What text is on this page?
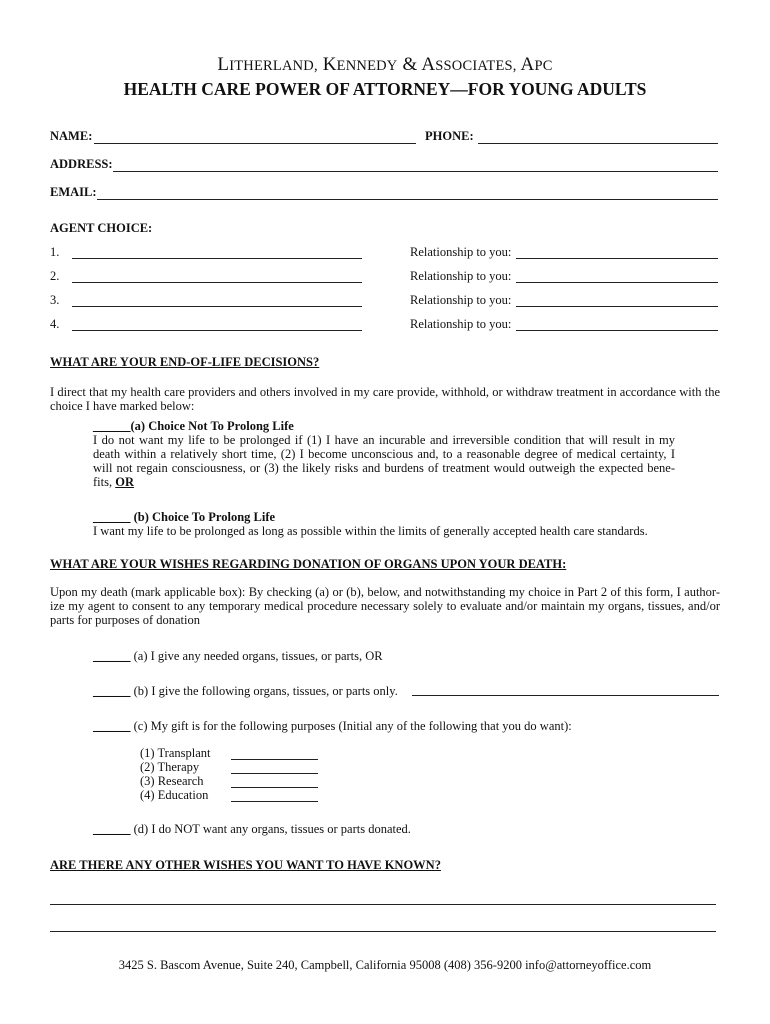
LITHERLAND, KENNEDY & ASSOCIATES, APC
HEALTH CARE POWER OF ATTORNEY—FOR YOUNG ADULTS
NAME:	PHONE:
ADDRESS:
EMAIL:
AGENT CHOICE:
1.	Relationship to you:
2.	Relationship to you:
3.	Relationship to you:
4.	Relationship to you:
WHAT ARE YOUR END-OF-LIFE DECISIONS?
I direct that my health care providers and others involved in my care provide, withhold, or withdraw treatment in accordance with the choice I have marked below:
______(a) Choice Not To Prolong Life
I do not want my life to be prolonged if (1) I have an incurable and irreversible condition that will result in my death within a relatively short time, (2) I become unconscious and, to a reasonable degree of medical certainty, I will not regain consciousness, or (3) the likely risks and burdens of treatment would outweigh the expected bene-fits, OR
______ (b) Choice To Prolong Life
I want my life to be prolonged as long as possible within the limits of generally accepted health care standards.
WHAT ARE YOUR WISHES REGARDING DONATION OF ORGANS UPON YOUR DEATH:
Upon my death (mark applicable box): By checking (a) or (b), below, and notwithstanding my choice in Part 2 of this form, I author-ize my agent to consent to any temporary medical procedure necessary solely to evaluate and/or maintain my organs, tissues, and/or parts for purposes of donation
______ (a) I give any needed organs, tissues, or parts, OR
______ (b) I give the following organs, tissues, or parts only.
______ (c) My gift is for the following purposes (Initial any of the following that you do want):
(1) Transplant
(2) Therapy
(3) Research
(4) Education
______ (d) I do NOT want any organs, tissues or parts donated.
ARE THERE ANY OTHER WISHES YOU WANT TO HAVE KNOWN?
3425 S. Bascom Avenue, Suite 240, Campbell, California 95008 (408) 356-9200 info@attorneyoffice.com
